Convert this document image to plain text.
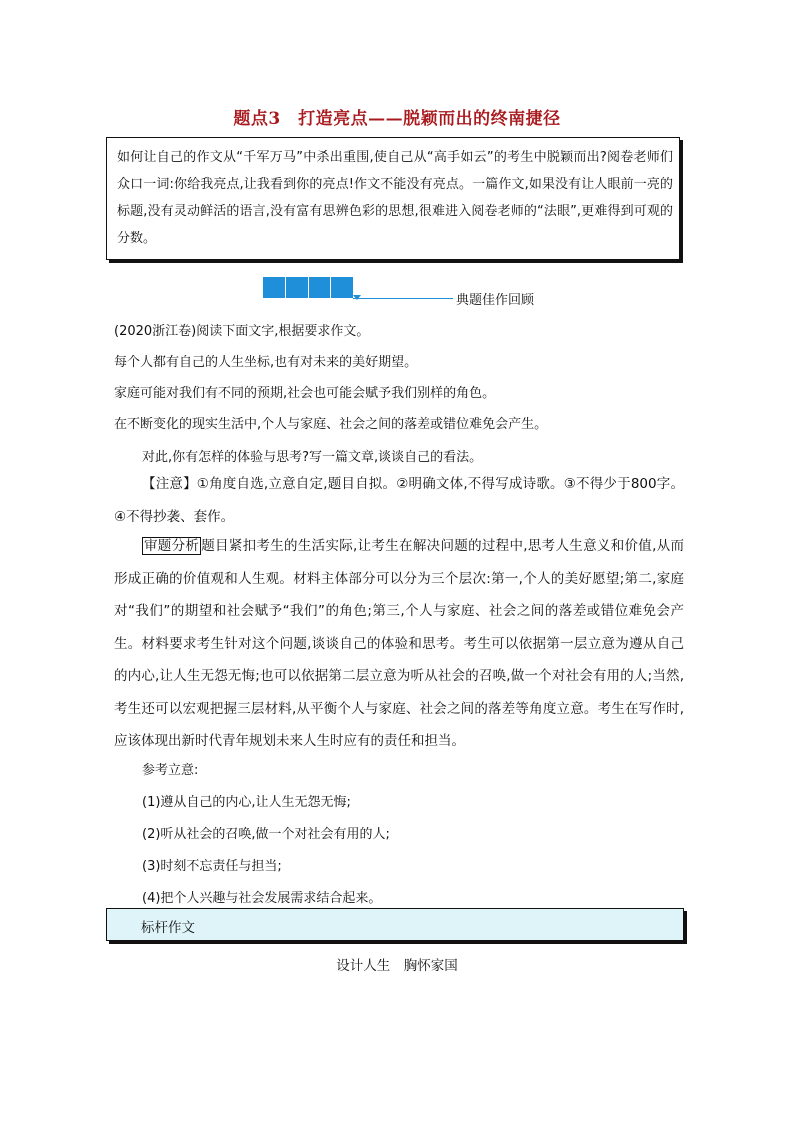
题点3　打造亮点——脱颖而出的终南捷径
如何让自己的作文从“千军万马”中杀出重围,使自己从“高手如云”的考生中脱颖而出?阅卷老师们众口一词:你给我亮点,让我看到你的亮点!作文不能没有亮点。一篇作文,如果没有让人眼前一亮的标题,没有灵动鲜活的语言,没有富有思辨色彩的思想,很难进入阅卷老师的“法眼”,更难得到可观的分数。
典题佳作回顾
(2020浙江卷)阅读下面文字,根据要求作文。
每个人都有自己的人生坐标,也有对未来的美好期望。
家庭可能对我们有不同的预期,社会也可能会赋予我们别样的角色。
在不断变化的现实生活中,个人与家庭、社会之间的落差或错位难免会产生。
对此,你有怎样的体验与思考?写一篇文章,谈谈自己的看法。
【注意】①角度自选,立意自定,题目自拟。②明确文体,不得写成诗歌。③不得少于800字。④不得抄袭、套作。
审题分析 题目紧扣考生的生活实际,让考生在解决问题的过程中,思考人生意义和价值,从而形成正确的价值观和人生观。材料主体部分可以分为三个层次:第一,个人的美好愿望;第二,家庭对“我们”的期望和社会赋予“我们”的角色;第三,个人与家庭、社会之间的落差或错位难免会产生。材料要求考生针对这个问题,谈谈自己的体验和思考。考生可以依据第一层立意为遵从自己的内心,让人生无怨无悔;也可以依据第二层立意为听从社会的召唤,做一个对社会有用的人;当然,考生还可以宏观把握三层材料,从平衡个人与家庭、社会之间的落差等角度立意。考生在写作时,应该体现出新时代青年规划未来人生时应有的责任和担当。
参考立意:
(1)遵从自己的内心,让人生无怨无悔;
(2)听从社会的召唤,做一个对社会有用的人;
(3)时刻不忘责任与担当;
(4)把个人兴趣与社会发展需求结合起来。
标杆作文
设计人生　胸怀家国
